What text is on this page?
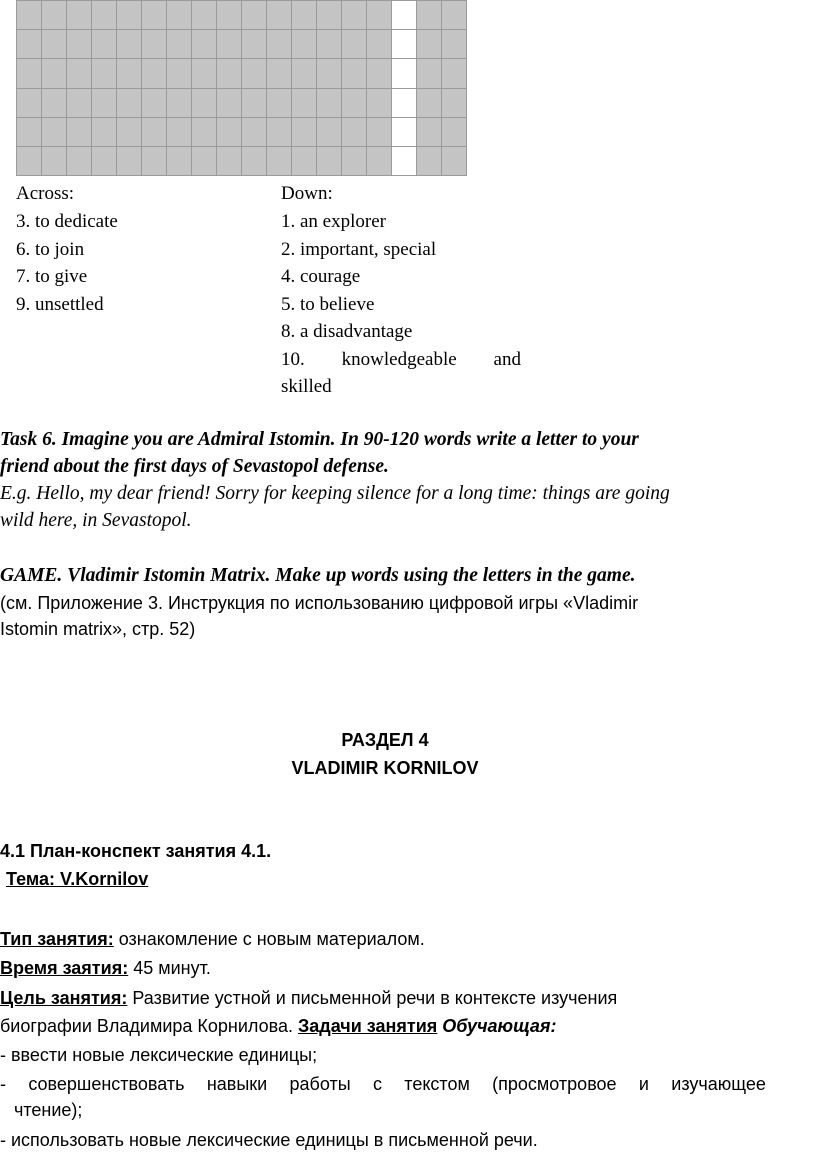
Across:
3. to dedicate
6. to join
7. to give
9. unsettled
Down:
1. an explorer
2. important, special
4. courage
5. to believe
8. a disadvantage
10. knowledgeable and
skilled
Task 6. Imagine you are Admiral Istomin. In 90-120 words write a letter to your
friend about the first days of Sevastopol defense.
E.g. Hello, my dear friend! Sorry for keeping silence for a long time: things are going
wild here, in Sevastopol.
GAME. Vladimir Istomin Matrix. Make up words using the letters in the game.
(см. Приложение 3. Инструкция по использованию цифровой игры «Vladimir
Istomin matrix», стр. 52)
РАЗДЕЛ 4
VLADIMIR KORNILOV
4.1 План-конспект занятия 4.1.
Тема: V.Kornilov
Тип занятия: ознакомление с новым материалом.
Время заятия: 45 минут.
Цель занятия: Развитие устной и письменной речи в контексте изучения
биографии Владимира Корнилова. Задачи занятия Обучающая:
- ввести новые лексические единицы;
- совершенствовать навыки работы с текстом (просмотровое и изучающее
чтение);
- использовать новые лексические единицы в письменной речи.
